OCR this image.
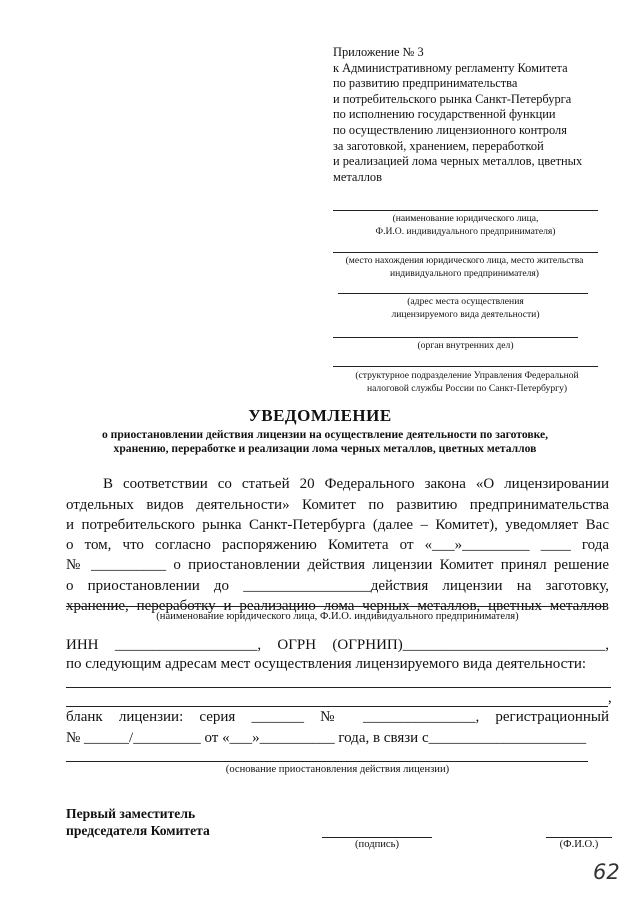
Приложение № 3
к Административному регламенту Комитета
по развитию предпринимательства
и потребительского рынка Санкт-Петербурга
по исполнению государственной функции
по осуществлению лицензионного контроля
за заготовкой, хранением, переработкой
и реализацией лома черных металлов, цветных
металлов
(наименование юридического лица,
Ф.И.О. индивидуального предпринимателя)
(место нахождения юридического лица, место жительства
индивидуального предпринимателя)
(адрес места осуществления
лицензируемого вида деятельности)
(орган внутренних дел)
(структурное подразделение Управления Федеральной
налоговой службы России по Санкт-Петербургу)
УВЕДОМЛЕНИЕ
о приостановлении действия лицензии на осуществление деятельности по заготовке,
хранению, переработке и реализации лома черных металлов, цветных металлов
В соответствии со статьей 20 Федерального закона «О лицензировании
отдельных видов деятельности» Комитет по развитию предпринимательства
и потребительского рынка Санкт-Петербурга (далее – Комитет), уведомляет Вас
о том, что согласно распоряжению Комитета от «___»_________ ____ года
№ __________ о приостановлении действия лицензии Комитет принял решение
о приостановлении до _________________действия лицензии на заготовку,
хранение, переработку и реализацию лома черных металлов, цветных металлов
(наименование юридического лица, Ф.И.О. индивидуального предпринимателя)
ИНН ___________________, ОГРН (ОГРНИП)___________________________,
по следующим адресам мест осуществления лицензируемого вида деятельности:
,
бланк лицензии: серия _______ № _______________, регистрационный
№ ______/_________ от «___»__________ года, в связи с_____________________
(основание приостановления действия лицензии)
Первый заместитель
председателя Комитета
(подпись)	(Ф.И.О.)
62
